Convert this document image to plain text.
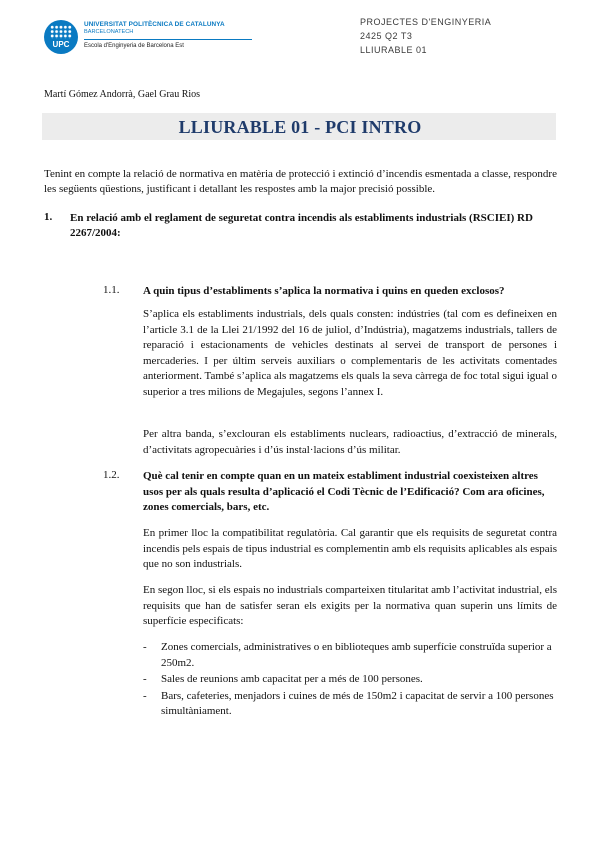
UPC
UNIVERSITAT POLITÈCNICA DE CATALUNYA
BARCELONATECH
Escola d'Enginyeria de Barcelona Est
PROJECTES D'ENGINYERIA
2425 Q2 T3
LLIURABLE 01
Martí Gómez Andorrà, Gael Grau Rios
LLIURABLE 01 - PCI INTRO
Tenint en compte la relació de normativa en matèria de protecció i extinció d’incendis esmentada a classe, respondre les següents qüestions, justificant i detallant les respostes amb la major precisió possible.
1. En relació amb el reglament de seguretat contra incendis als establiments industrials (RSCIEI) RD 2267/2004:
1.1. A quin tipus d’establiments s’aplica la normativa i quins en queden exclosos?
S’aplica els establiments industrials, dels quals consten: indústries (tal com es defineixen en l’article 3.1 de la Llei 21/1992 del 16 de juliol, d’Indústria), magatzems industrials, tallers de reparació i estacionaments de vehicles destinats al servei de transport de persones i mercaderies. I per últim serveis auxiliars o complementaris de les activitats comentades anteriorment. També s’aplica als magatzems els quals la seva càrrega de foc total sigui igual o superior a tres milions de Megajules, segons l’annex I.
Per altra banda, s’exclouran els establiments nuclears, radioactius, d’extracció de minerals, d’activitats agropecuàries i d’ús instal·lacions d’ús militar.
1.2. Què cal tenir en compte quan en un mateix establiment industrial coexisteixen altres usos per als quals resulta d’aplicació el Codi Tècnic de l’Edificació? Com ara oficines, zones comercials, bars, etc.
En primer lloc la compatibilitat regulatòria. Cal garantir que els requisits de seguretat contra incendis pels espais de tipus industrial es complementin amb els requisits aplicables als espais que no son industrials.
En segon lloc, si els espais no industrials comparteixen titularitat amb l’activitat industrial, els requisits que han de satisfer seran els exigits per la normativa quan superin uns límits de superfície especificats:
- Zones comercials, administratives o en biblioteques amb superfície construïda superior a 250m2.
- Sales de reunions amb capacitat per a més de 100 persones.
- Bars, cafeteries, menjadors i cuines de més de 150m2 i capacitat de servir a 100 persones simultàniament.
